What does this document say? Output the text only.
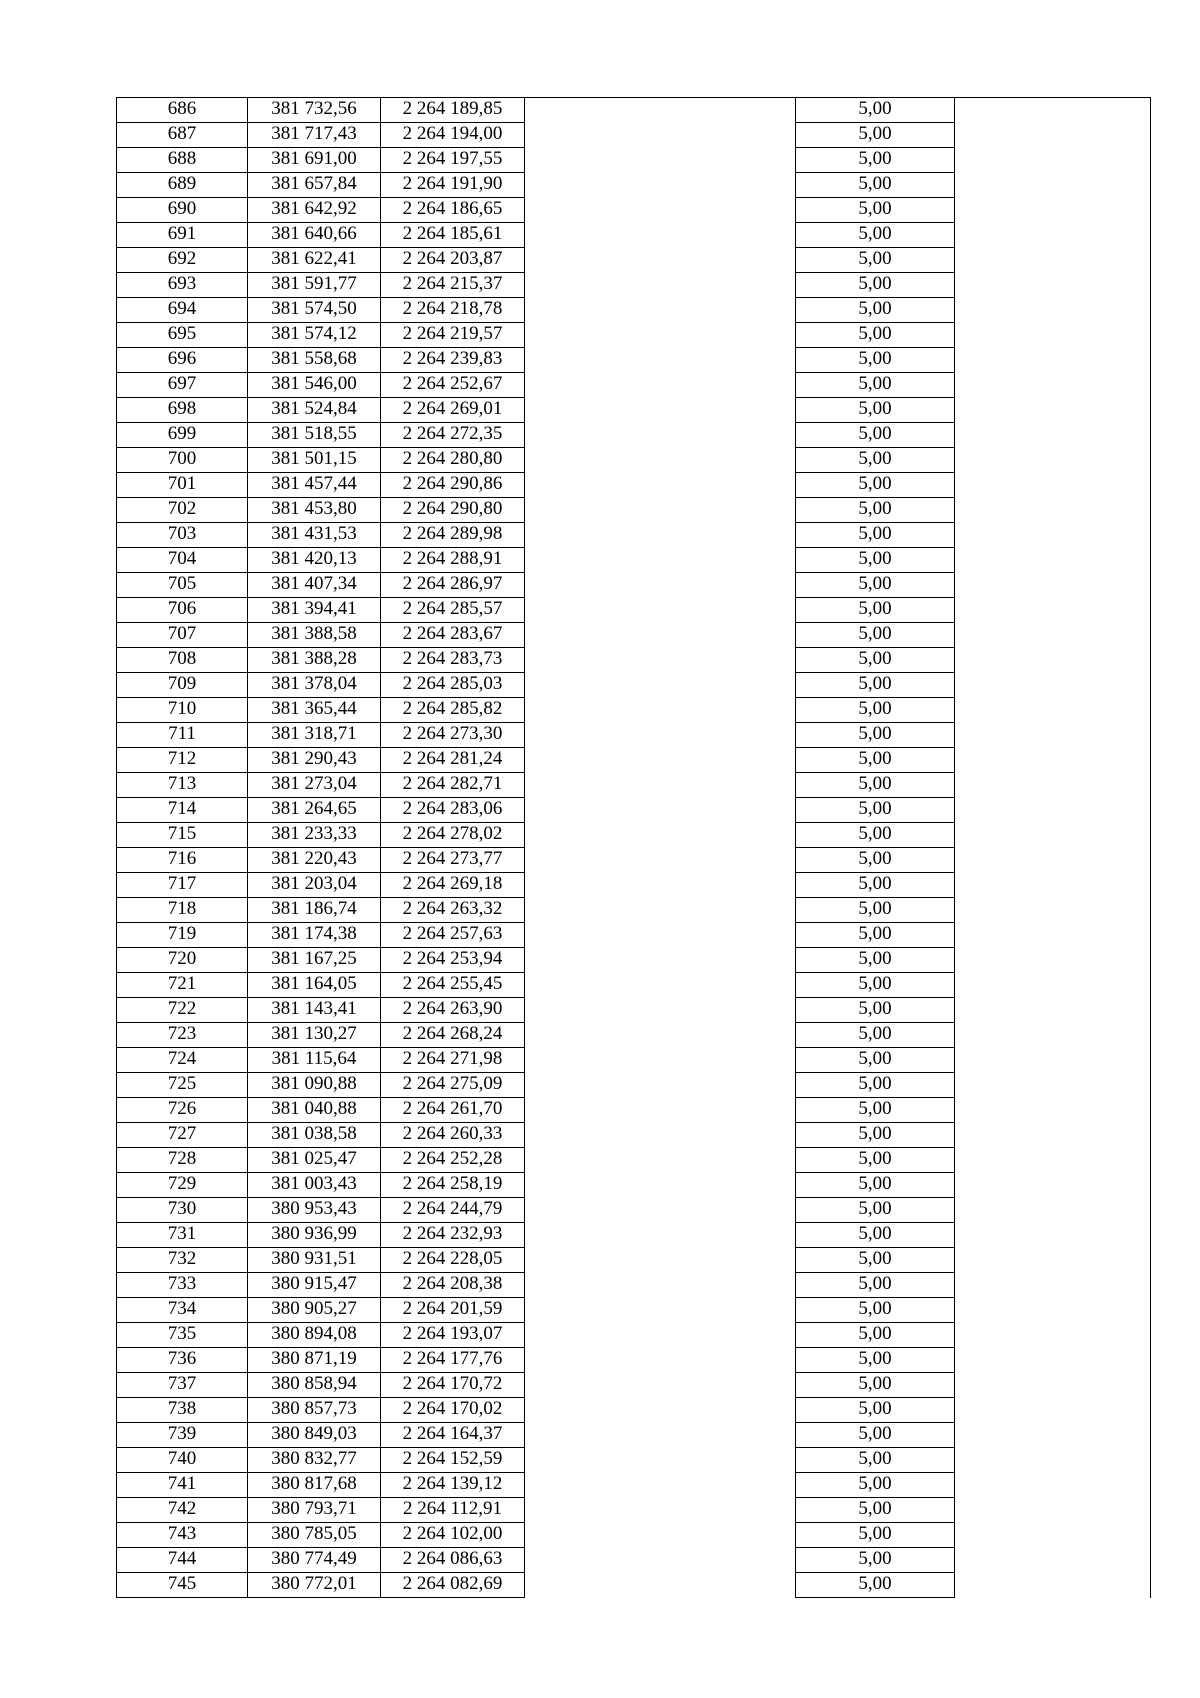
686	381 732,56	2 264 189,85		5,00	
687	381 717,43	2 264 194,00		5,00	
688	381 691,00	2 264 197,55		5,00	
689	381 657,84	2 264 191,90		5,00	
690	381 642,92	2 264 186,65		5,00	
691	381 640,66	2 264 185,61		5,00	
692	381 622,41	2 264 203,87		5,00	
693	381 591,77	2 264 215,37		5,00	
694	381 574,50	2 264 218,78		5,00	
695	381 574,12	2 264 219,57		5,00	
696	381 558,68	2 264 239,83		5,00	
697	381 546,00	2 264 252,67		5,00	
698	381 524,84	2 264 269,01		5,00	
699	381 518,55	2 264 272,35		5,00	
700	381 501,15	2 264 280,80		5,00	
701	381 457,44	2 264 290,86		5,00	
702	381 453,80	2 264 290,80		5,00	
703	381 431,53	2 264 289,98		5,00	
704	381 420,13	2 264 288,91		5,00	
705	381 407,34	2 264 286,97		5,00	
706	381 394,41	2 264 285,57		5,00	
707	381 388,58	2 264 283,67		5,00	
708	381 388,28	2 264 283,73		5,00	
709	381 378,04	2 264 285,03		5,00	
710	381 365,44	2 264 285,82		5,00	
711	381 318,71	2 264 273,30		5,00	
712	381 290,43	2 264 281,24		5,00	
713	381 273,04	2 264 282,71		5,00	
714	381 264,65	2 264 283,06		5,00	
715	381 233,33	2 264 278,02		5,00	
716	381 220,43	2 264 273,77		5,00	
717	381 203,04	2 264 269,18		5,00	
718	381 186,74	2 264 263,32		5,00	
719	381 174,38	2 264 257,63		5,00	
720	381 167,25	2 264 253,94		5,00	
721	381 164,05	2 264 255,45		5,00	
722	381 143,41	2 264 263,90		5,00	
723	381 130,27	2 264 268,24		5,00	
724	381 115,64	2 264 271,98		5,00	
725	381 090,88	2 264 275,09		5,00	
726	381 040,88	2 264 261,70		5,00	
727	381 038,58	2 264 260,33		5,00	
728	381 025,47	2 264 252,28		5,00	
729	381 003,43	2 264 258,19		5,00	
730	380 953,43	2 264 244,79		5,00	
731	380 936,99	2 264 232,93		5,00	
732	380 931,51	2 264 228,05		5,00	
733	380 915,47	2 264 208,38		5,00	
734	380 905,27	2 264 201,59		5,00	
735	380 894,08	2 264 193,07		5,00	
736	380 871,19	2 264 177,76		5,00	
737	380 858,94	2 264 170,72		5,00	
738	380 857,73	2 264 170,02		5,00	
739	380 849,03	2 264 164,37		5,00	
740	380 832,77	2 264 152,59		5,00	
741	380 817,68	2 264 139,12		5,00	
742	380 793,71	2 264 112,91		5,00	
743	380 785,05	2 264 102,00		5,00	
744	380 774,49	2 264 086,63		5,00	
745	380 772,01	2 264 082,69		5,00	
